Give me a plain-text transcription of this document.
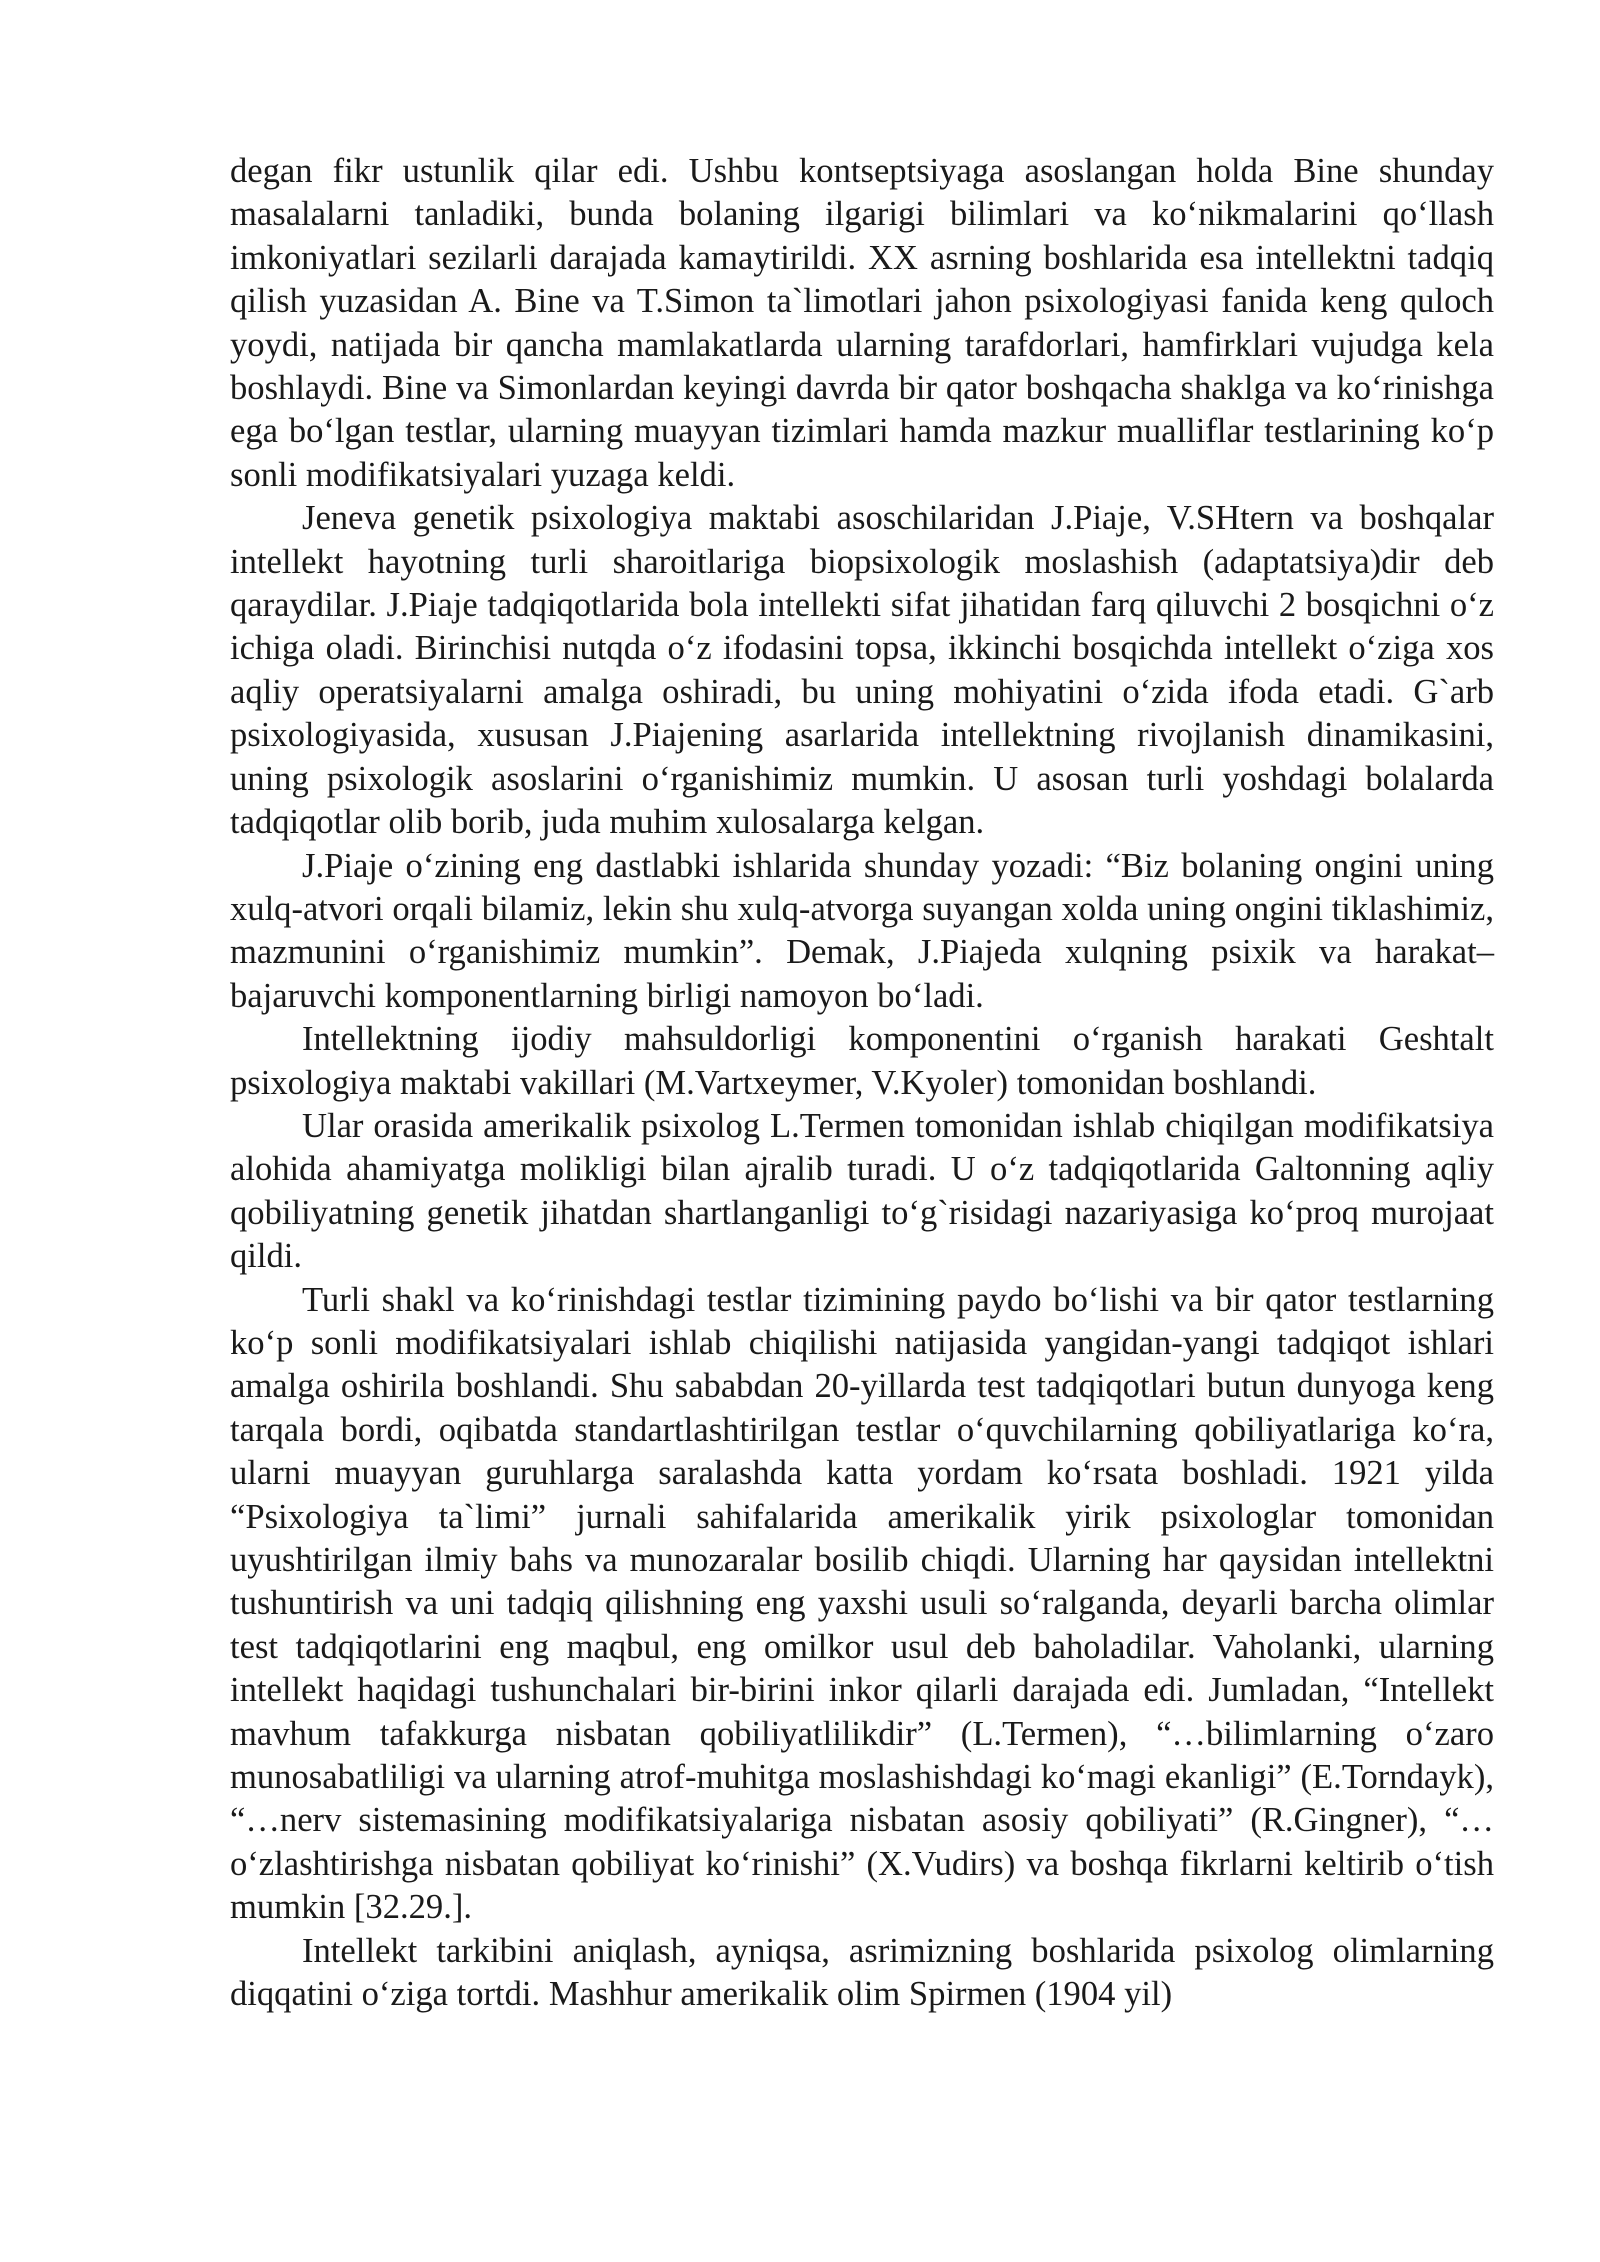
degan fikr ustunlik qilar edi. Ushbu kontseptsiyaga asoslangan holda Bine shunday masalalarni tanladiki, bunda bolaning ilgarigi bilimlari va ko‘nikmalarini qo‘llash imkoniyatlari sezilarli darajada kamaytirildi. XX asrning boshlarida esa intellektni tadqiq qilish yuzasidan A. Bine va T.Simon ta`limotlari jahon psixologiyasi fanida keng quloch yoydi, natijada bir qancha mamlakatlarda ularning tarafdorlari, hamfirklari vujudga kela boshlaydi. Bine va Simonlardan keyingi davrda bir qator boshqacha shaklga va ko‘rinishga ega bo‘lgan testlar, ularning muayyan tizimlari hamda mazkur mualliflar testlarining ko‘p sonli modifikatsiyalari yuzaga keldi.

Jeneva genetik psixologiya maktabi asoschilaridan J.Piaje, V.SHtern va boshqalar intellekt hayotning turli sharoitlariga biopsixologik moslashish (adaptatsiya)dir deb qaraydilar. J.Piaje tadqiqotlarida bola intellekti sifat jihatidan farq qiluvchi 2 bosqichni o‘z ichiga oladi. Birinchisi nutqda o‘z ifodasini topsa, ikkinchi bosqichda intellekt o‘ziga xos aqliy operatsiyalarni amalga oshiradi, bu uning mohiyatini o‘zida ifoda etadi. G`arb psixologiyasida, xususan J.Piajening asarlarida intellektning rivojlanish dinamikasini, uning psixologik asoslarini o‘rganishimiz mumkin. U asosan turli yoshdagi bolalarda tadqiqotlar olib borib, juda muhim xulosalarga kelgan.

J.Piaje o‘zining eng dastlabki ishlarida shunday yozadi: “Biz bolaning ongini uning xulq-atvori orqali bilamiz, lekin shu xulq-atvorga suyangan xolda uning ongini tiklashimiz, mazmunini o‘rganishimiz mumkin”. Demak, J.Piajeda xulqning psixik va harakat–bajaruvchi komponentlarning birligi namoyon bo‘ladi.

Intellektning ijodiy mahsuldorligi komponentini o‘rganish harakati Geshtalt psixologiya maktabi vakillari (M.Vartxeymer, V.Kyoler) tomonidan boshlandi.

Ular orasida amerikalik psixolog L.Termen tomonidan ishlab chiqilgan modifikatsiya alohida ahamiyatga molikligi bilan ajralib turadi. U o‘z tadqiqotlarida Galtonning aqliy qobiliyatning genetik jihatdan shartlanganligi to‘g`risidagi nazariyasiga ko‘proq murojaat qildi.

Turli shakl va ko‘rinishdagi testlar tizimining paydo bo‘lishi va bir qator testlarning ko‘p sonli modifikatsiyalari ishlab chiqilishi natijasida yangidan-yangi tadqiqot ishlari amalga oshirila boshlandi. Shu sababdan 20-yillarda test tadqiqotlari butun dunyoga keng tarqala bordi, oqibatda standartlashtirilgan testlar o‘quvchilarning qobiliyatlariga ko‘ra, ularni muayyan guruhlarga saralashda katta yordam ko‘rsata boshladi. 1921 yilda “Psixologiya ta`limi” jurnali sahifalarida amerikalik yirik psixologlar tomonidan uyushtirilgan ilmiy bahs va munozaralar bosilib chiqdi. Ularning har qaysidan intellektni tushuntirish va uni tadqiq qilishning eng yaxshi usuli so‘ralganda, deyarli barcha olimlar test tadqiqotlarini eng maqbul, eng omilkor usul deb baholadilar. Vaholanki, ularning intellekt haqidagi tushunchalari bir-birini inkor qilarli darajada edi. Jumladan, “Intellekt mavhum tafakkurga nisbatan qobiliyatlilikdir” (L.Termen), “…bilimlarning o‘zaro munosabatliligi va ularning atrof-muhitga moslashishdagi ko‘magi ekanligi” (E.Torndayk), “…nerv sistemasining modifikatsiyalariga nisbatan asosiy qobiliyati” (R.Gingner), “…o‘zlashtirishga nisbatan qobiliyat ko‘rinishi” (X.Vudirs) va boshqa fikrlarni keltirib o‘tish mumkin [32.29.].

Intellekt tarkibini aniqlash, ayniqsa, asrimizning boshlarida psixolog olimlarning diqqatini o‘ziga tortdi. Mashhur amerikalik olim Spirmen (1904 yil)
